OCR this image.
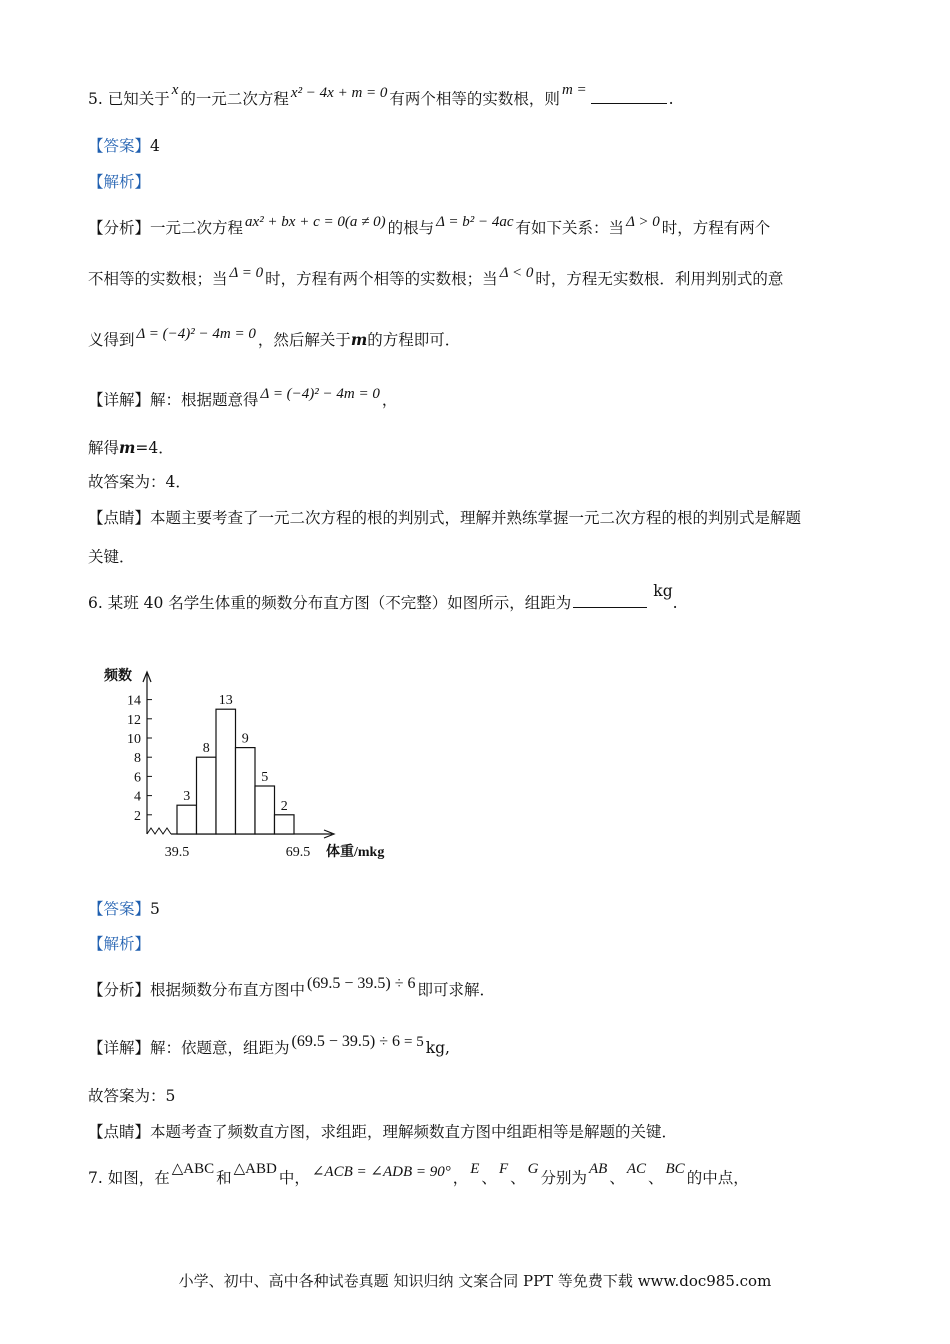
5. 已知关于 x 的一元二次方程 x² − 4x + m = 0 有两个相等的实数根，则 m =	.
【答案】4
【解析】
【分析】一元二次方程 ax² + bx + c = 0(a ≠ 0) 的根与 Δ = b² − 4ac 有如下关系：当 Δ > 0 时，方程有两个
不相等的实数根；当 Δ = 0 时，方程有两个相等的实数根；当 Δ < 0 时，方程无实数根．利用判别式的意
义得到 Δ = (−4)² − 4m = 0 ，然后解关于m的方程即可．
【详解】解：根据题意得 Δ = (−4)² − 4m = 0 ，
解得m=4．
故答案为：4．
【点睛】本题主要考查了一元二次方程的根的判别式，理解并熟练掌握一元二次方程的根的判别式是解题
关键．
6. 某班 40 名学生体重的频数分布直方图（不完整）如图所示，组距为kg.
2
4
6
8
10
12
14
频数
3
8
13
9
5
2
39.5	69.5 体重/mkg
【答案】5
【解析】
【分析】根据频数分布直方图中 (69.5 − 39.5) ÷ 6 即可求解．
【详解】解：依题意，组距为 (69.5 − 39.5) ÷ 6 = 5 kg,
故答案为：5
【点睛】本题考查了频数直方图，求组距，理解频数直方图中组距相等是解题的关键．
7. 如图，在 △ABC 和 △ABD 中， ∠ACB = ∠ADB = 90° ， E 、 F 、 G 分别为 AB 、 AC 、 BC 的中点，
小学、初中、高中各种试卷真题 知识归纳 文案合同 PPT 等免费下载 www.doc985.com
